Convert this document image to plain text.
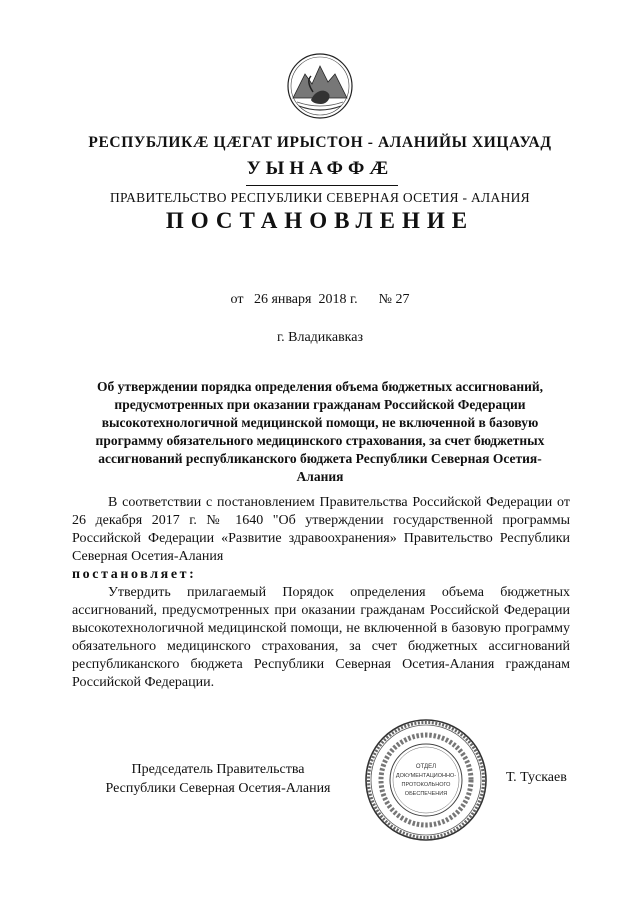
РЕСПУБЛИКӔ ЦӔГАТ ИРЫСТОН - АЛАНИЙЫ ХИЦАУАД
УЫНАФФӔ
ПРАВИТЕЛЬСТВО РЕСПУБЛИКИ СЕВЕРНАЯ ОСЕТИЯ - АЛАНИЯ
ПОСТАНОВЛЕНИЕ
от   26 января  2018 г.      № 27
г. Владикавказ
Об утверждении порядка определения объема бюджетных ассигнований, предусмотренных при оказании гражданам Российской Федерации высокотехнологичной медицинской помощи, не включенной в базовую программу обязательного медицинского страхования, за счет бюджетных ассигнований республиканского бюджета Республики Северная Осетия-Алания
В соответствии с постановлением Правительства Российской Федерации от 26 декабря 2017 г. № 1640 "Об утверждении государственной программы Российской Федерации «Развитие здравоохранения» Правительство Республики Северная Осетия-Алания
постановляет:
Утвердить прилагаемый Порядок определения объема бюджетных ассигнований, предусмотренных при оказании гражданам Российской Федерации высокотехнологичной медицинской помощи, не включенной в базовую программу обязательного медицинского страхования, за счет бюджетных ассигнований республиканского бюджета Республики Северная Осетия-Алания гражданам Российской Федерации.
Председатель Правительства
Республики Северная Осетия-Алания
ОТДЕЛ
ДОКУМЕНТАЦИОННО-
ПРОТОКОЛЬНОГО
ОБЕСПЕЧЕНИЯ
Т. Тускаев
